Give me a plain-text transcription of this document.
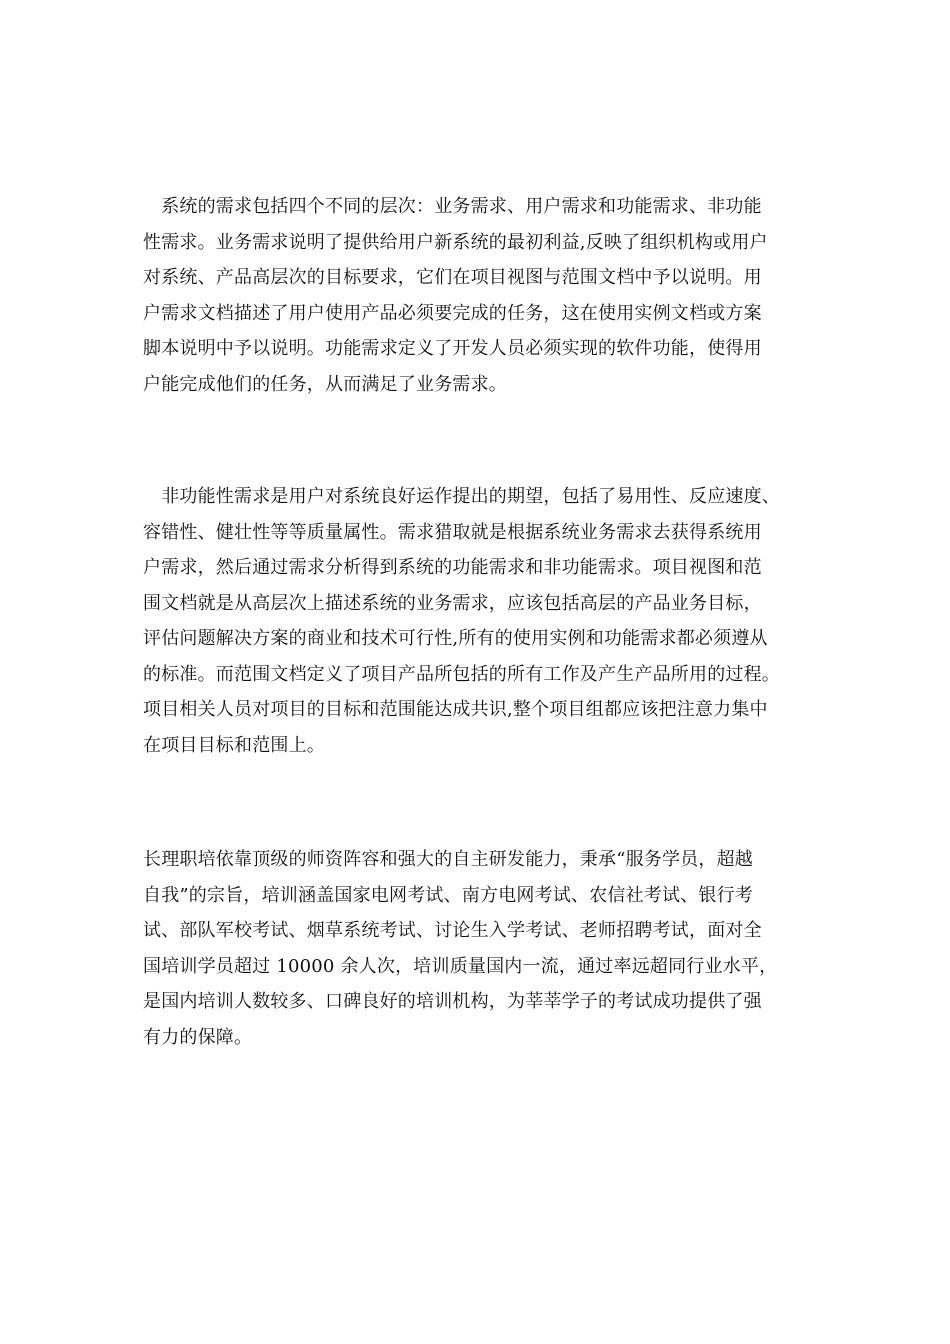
　系统的需求包括四个不同的层次：业务需求、用户需求和功能需求、非功能
性需求。业务需求说明了提供给用户新系统的最初利益,反映了组织机构或用户
对系统、产品高层次的目标要求，它们在项目视图与范围文档中予以说明。用
户需求文档描述了用户使用产品必须要完成的任务，这在使用实例文档或方案
脚本说明中予以说明。功能需求定义了开发人员必须实现的软件功能，使得用
户能完成他们的任务，从而满足了业务需求。
　非功能性需求是用户对系统良好运作提出的期望，包括了易用性、反应速度、
容错性、健壮性等等质量属性。需求猎取就是根据系统业务需求去获得系统用
户需求，然后通过需求分析得到系统的功能需求和非功能需求。项目视图和范
围文档就是从高层次上描述系统的业务需求，应该包括高层的产品业务目标，
评估问题解决方案的商业和技术可行性,所有的使用实例和功能需求都必须遵从
的标准。而范围文档定义了项目产品所包括的所有工作及产生产品所用的过程。
项目相关人员对项目的目标和范围能达成共识,整个项目组都应该把注意力集中
在项目目标和范围上。
长理职培依靠顶级的师资阵容和强大的自主研发能力，秉承“服务学员，超越
自我”的宗旨，培训涵盖国家电网考试、南方电网考试、农信社考试、银行考
试、部队军校考试、烟草系统考试、讨论生入学考试、老师招聘考试，面对全
国培训学员超过 10000 余人次，培训质量国内一流，通过率远超同行业水平，
是国内培训人数较多、口碑良好的培训机构，为莘莘学子的考试成功提供了强
有力的保障。
